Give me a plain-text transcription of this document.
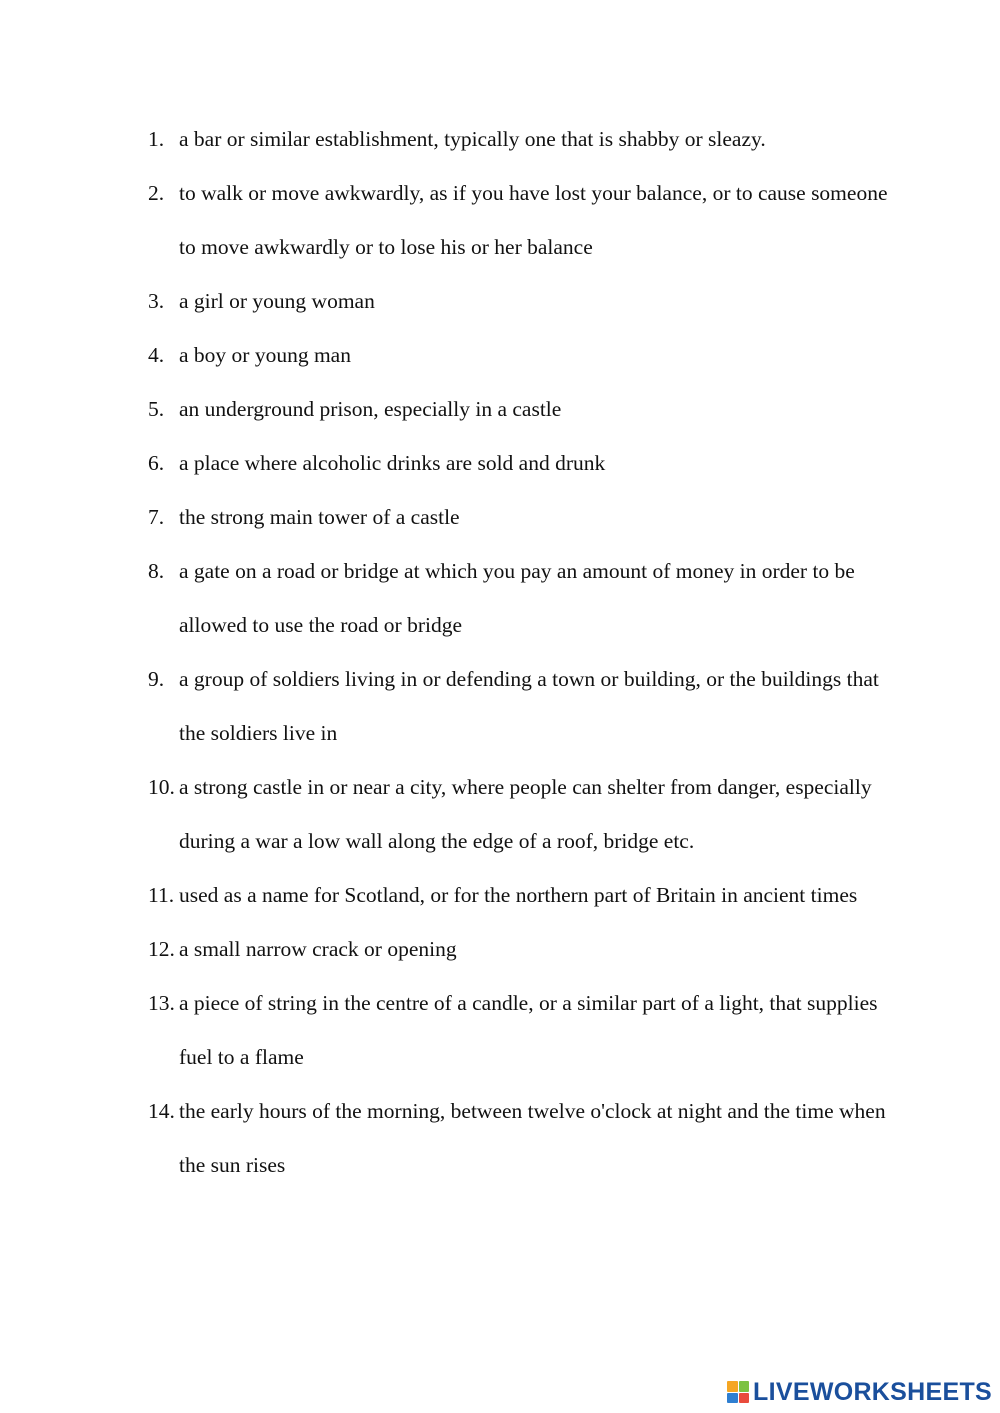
1. a bar or similar establishment, typically one that is shabby or sleazy.
2. to walk or move awkwardly, as if you have lost your balance, or to cause someone to move awkwardly or to lose his or her balance
3. a girl or young woman
4. a boy or young man
5. an underground prison, especially in a castle
6. a place where alcoholic drinks are sold and drunk
7. the strong main tower of a castle
8. a gate on a road or bridge at which you pay an amount of money in order to be allowed to use the road or bridge
9. a group of soldiers living in or defending a town or building, or the buildings that the soldiers live in
10. a strong castle in or near a city, where people can shelter from danger, especially during a war a low wall along the edge of a roof, bridge etc.
11. used as a name for Scotland, or for the northern part of Britain in ancient times
12. a small narrow crack or opening
13. a piece of string in the centre of a candle, or a similar part of a light, that supplies fuel to a flame
14. the early hours of the morning, between twelve o'clock at night and the time when the sun rises
LIVEWORKSHEETS
